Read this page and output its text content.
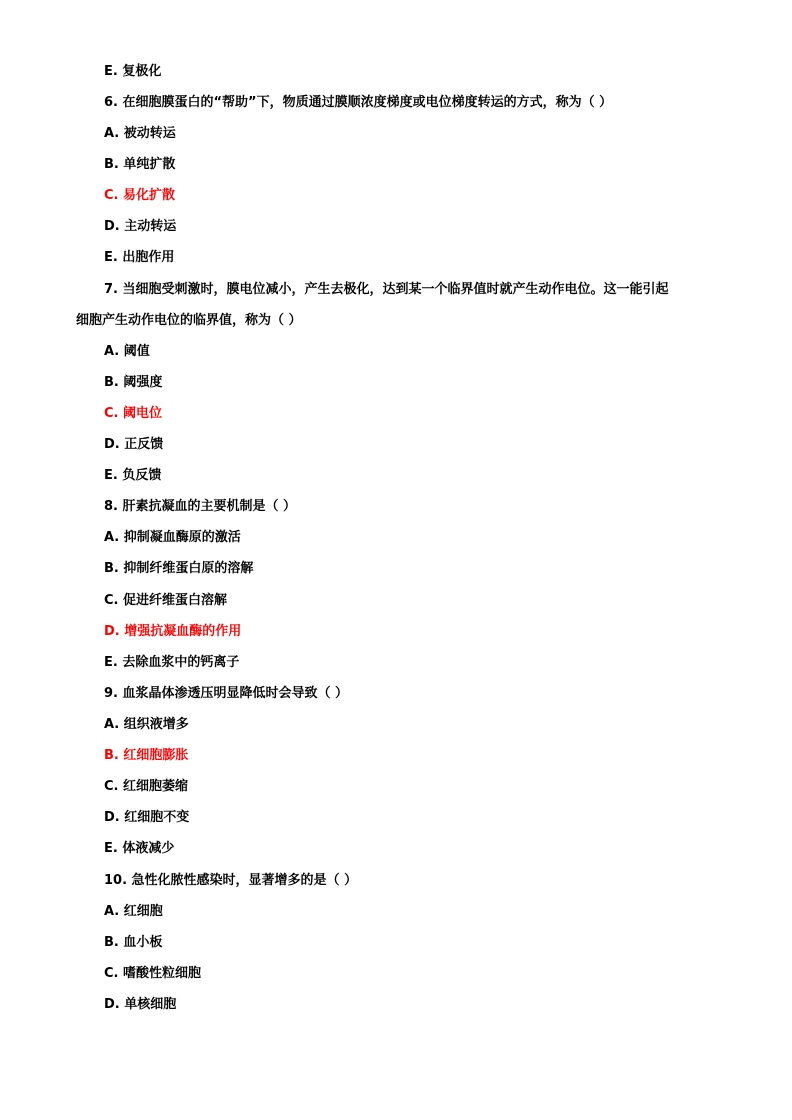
E. 复极化
6. 在细胞膜蛋白的“帮助”下，物质通过膜顺浓度梯度或电位梯度转运的方式，称为（ ）
A. 被动转运
B. 单纯扩散
C. 易化扩散
D. 主动转运
E. 出胞作用
7. 当细胞受刺激时，膜电位减小，产生去极化，达到某一个临界值时就产生动作电位。这一能引起
细胞产生动作电位的临界值，称为（ ）
A. 阈值
B. 阈强度
C. 阈电位
D. 正反馈
E. 负反馈
8. 肝素抗凝血的主要机制是（ ）
A. 抑制凝血酶原的激活
B. 抑制纤维蛋白原的溶解
C. 促进纤维蛋白溶解
D. 增强抗凝血酶的作用
E. 去除血浆中的钙离子
9. 血浆晶体渗透压明显降低时会导致（ ）
A. 组织液增多
B. 红细胞膨胀
C. 红细胞萎缩
D. 红细胞不变
E. 体液减少
10. 急性化脓性感染时，显著增多的是（ ）
A. 红细胞
B. 血小板
C. 嗜酸性粒细胞
D. 单核细胞
